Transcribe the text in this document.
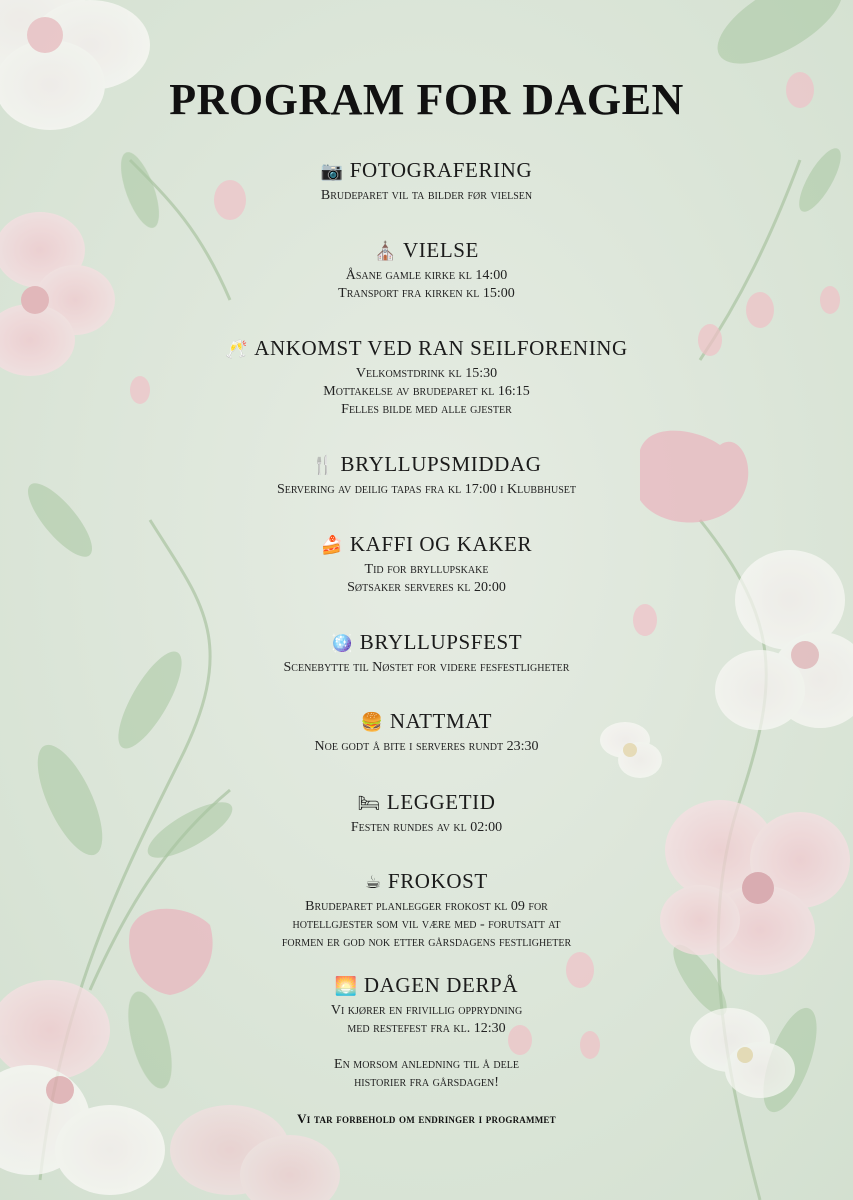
PROGRAM FOR DAGEN
📷 FOTOGRAFERING
Brudeparet vil ta bilder før vielsen
⛪ VIELSE
Åsane gamle kirke kl 14:00
Transport fra kirken kl 15:00
🥂 ANKOMST VED RAN SEILFORENING
Velkomstdrink kl 15:30
Mottakelse av brudeparet kl 16:15
Felles bilde med alle gjester
🍴 BRYLLUPSMIDDAG
Servering av deilig tapas fra kl 17:00 i Klubbhuset
🍰 KAFFI OG KAKER
Tid for bryllupskake
Søtsaker serveres kl 20:00
🪩 BRYLLUPSFEST
Scenebytte til Nøstet for videre fesfestligheter
🍔 NATTMAT
Noe godt å bite i serveres rundt 23:30
🛏 LEGGETID
Festen rundes av kl 02:00
☕ FROKOST
Brudeparet planlegger frokost kl 09 for
hotellgjester som vil være med - forutsatt at
formen er god nok etter gårsdagens festligheter
🌅 DAGEN DERPÅ
Vi kjører en frivillig opprydning
med restefest fra kl. 12:30
En morsom anledning til å dele
historier fra gårsdagen!
Vi tar forbehold om endringer i programmet
